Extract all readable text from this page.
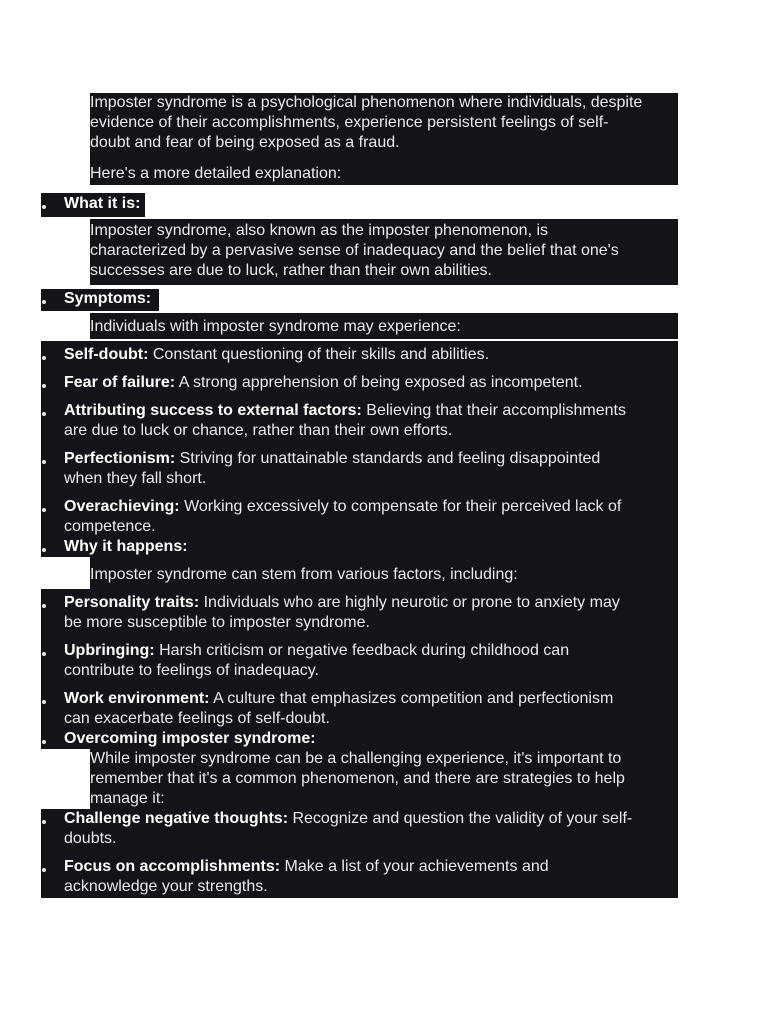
Imposter syndrome is a psychological phenomenon where individuals, despite

evidence of their accomplishments, experience persistent feelings of self-

doubt and fear of being exposed as a fraud.

Here's a more detailed explanation:

What it is:

Imposter syndrome, also known as the imposter phenomenon, is

characterized by a pervasive sense of inadequacy and the belief that one's

successes are due to luck, rather than their own abilities.

Symptoms:

Individuals with imposter syndrome may experience:

Self-doubt: Constant questioning of their skills and abilities.

Fear of failure: A strong apprehension of being exposed as incompetent.

Attributing success to external factors: Believing that their accomplishments

are due to luck or chance, rather than their own efforts.

Perfectionism: Striving for unattainable standards and feeling disappointed

when they fall short.

Overachieving: Working excessively to compensate for their perceived lack of

competence.

Why it happens:

Imposter syndrome can stem from various factors, including:

Personality traits: Individuals who are highly neurotic or prone to anxiety may

be more susceptible to imposter syndrome.

Upbringing: Harsh criticism or negative feedback during childhood can

contribute to feelings of inadequacy.

Work environment: A culture that emphasizes competition and perfectionism

can exacerbate feelings of self-doubt.

Overcoming imposter syndrome:

While imposter syndrome can be a challenging experience, it's important to

remember that it's a common phenomenon, and there are strategies to help

manage it:

Challenge negative thoughts: Recognize and question the validity of your self-

doubts.

Focus on accomplishments: Make a list of your achievements and

acknowledge your strengths.
